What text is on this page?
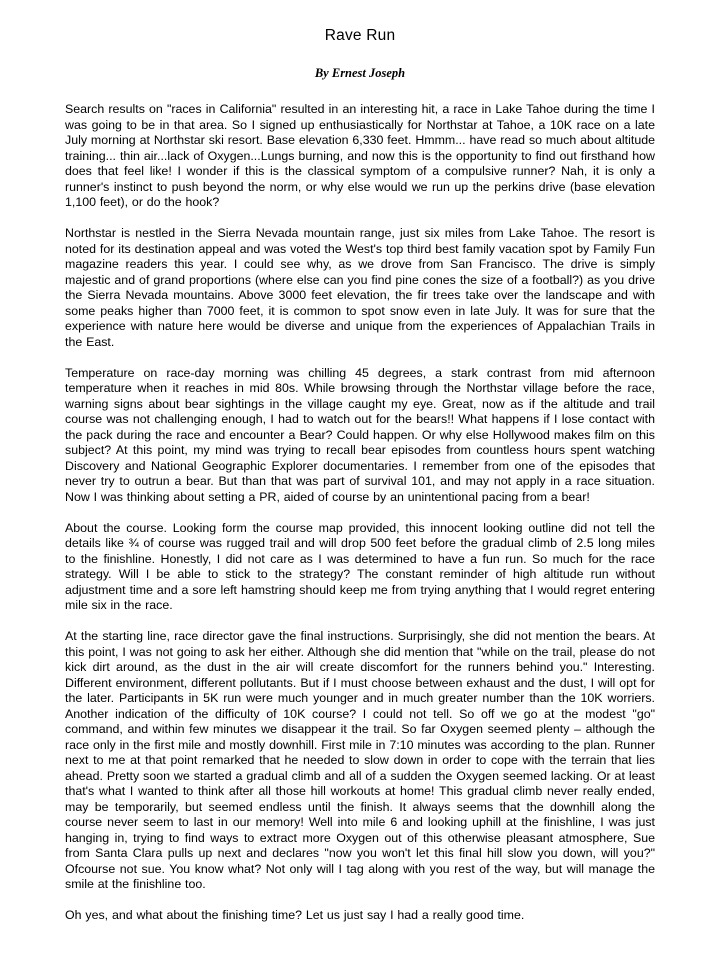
Rave Run
By Ernest Joseph

Search results on "races in California" resulted in an interesting hit, a race in Lake Tahoe during the time I was going to be in that area. So I signed up enthusiastically for Northstar at Tahoe, a 10K race on a late July morning at Northstar ski resort. Base elevation 6,330 feet. Hmmm... have read so much about altitude training... thin air...lack of Oxygen...Lungs burning, and now this is the opportunity to find out firsthand how does that feel like! I wonder if this is the classical symptom of a compulsive runner? Nah, it is only a runner's instinct to push beyond the norm, or why else would we run up the perkins drive (base elevation 1,100 feet), or do the hook?

Northstar is nestled in the Sierra Nevada mountain range, just six miles from Lake Tahoe. The resort is noted for its destination appeal and was voted the West's top third best family vacation spot by Family Fun magazine readers this year. I could see why, as we drove from San Francisco. The drive is simply majestic and of grand proportions (where else can you find pine cones the size of a football?) as you drive the Sierra Nevada mountains. Above 3000 feet elevation, the fir trees take over the landscape and with some peaks higher than 7000 feet, it is common to spot snow even in late July. It was for sure that the experience with nature here would be diverse and unique from the experiences of Appalachian Trails in the East.

Temperature on race-day morning was chilling 45 degrees, a stark contrast from mid afternoon temperature when it reaches in mid 80s. While browsing through the Northstar village before the race, warning signs about bear sightings in the village caught my eye. Great, now as if the altitude and trail course was not challenging enough, I had to watch out for the bears!! What happens if I lose contact with the pack during the race and encounter a Bear? Could happen. Or why else Hollywood makes film on this subject? At this point, my mind was trying to recall bear episodes from countless hours spent watching Discovery and National Geographic Explorer documentaries. I remember from one of the episodes that never try to outrun a bear. But than that was part of survival 101, and may not apply in a race situation. Now I was thinking about setting a PR, aided of course by an unintentional pacing from a bear!

About the course. Looking form the course map provided, this innocent looking outline did not tell the details like ¾ of course was rugged trail and will drop 500 feet before the gradual climb of 2.5 long miles to the finishline. Honestly, I did not care as I was determined to have a fun run. So much for the race strategy. Will I be able to stick to the strategy? The constant reminder of high altitude run without adjustment time and a sore left hamstring should keep me from trying anything that I would regret entering mile six in the race.

At the starting line, race director gave the final instructions. Surprisingly, she did not mention the bears. At this point, I was not going to ask her either. Although she did mention that "while on the trail, please do not kick dirt around, as the dust in the air will create discomfort for the runners behind you." Interesting. Different environment, different pollutants. But if I must choose between exhaust and the dust, I will opt for the later. Participants in 5K run were much younger and in much greater number than the 10K worriers. Another indication of the difficulty of 10K course? I could not tell. So off we go at the modest "go" command, and within few minutes we disappear it the trail. So far Oxygen seemed plenty – although the race only in the first mile and mostly downhill. First mile in 7:10 minutes was according to the plan. Runner next to me at that point remarked that he needed to slow down in order to cope with the terrain that lies ahead. Pretty soon we started a gradual climb and all of a sudden the Oxygen seemed lacking. Or at least that's what I wanted to think after all those hill workouts at home! This gradual climb never really ended, may be temporarily, but seemed endless until the finish. It always seems that the downhill along the course never seem to last in our memory! Well into mile 6 and looking uphill at the finishline, I was just hanging in, trying to find ways to extract more Oxygen out of this otherwise pleasant atmosphere, Sue from Santa Clara pulls up next and declares "now you won't let this final hill slow you down, will you?" Ofcourse not sue. You know what? Not only will I tag along with you rest of the way, but will manage the smile at the finishline too.

Oh yes, and what about the finishing time? Let us just say I had a really good time.
